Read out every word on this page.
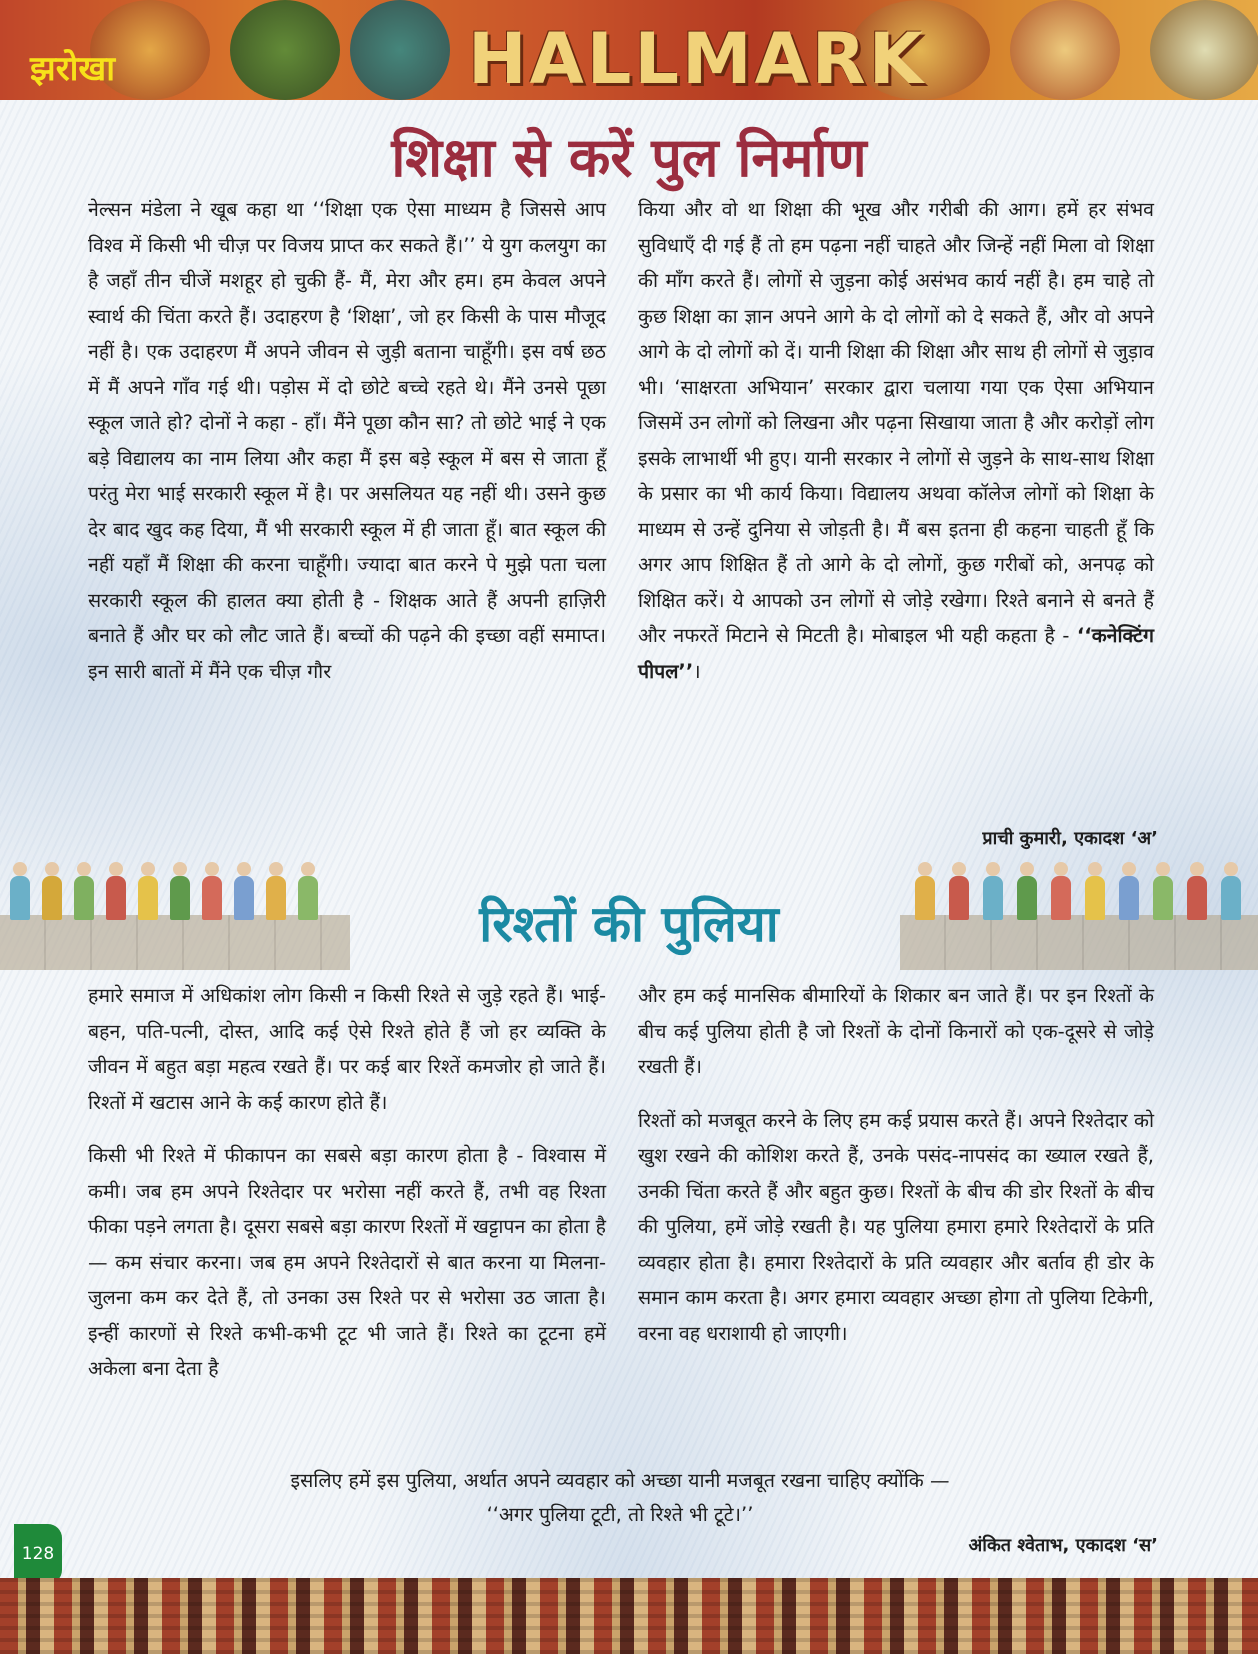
झरोखा	HALLMARK
शिक्षा से करें पुल निर्माण

नेल्सन मंडेला ने खूब कहा था ‘‘शिक्षा एक ऐसा माध्यम है जिससे आप विश्व में किसी भी चीज़ पर विजय प्राप्त कर सकते हैं।’’ ये युग कलयुग का है जहाँ तीन चीजें मशहूर हो चुकी हैं- मैं, मेरा और हम। हम केवल अपने स्वार्थ की चिंता करते हैं। उदाहरण है ‘शिक्षा’, जो हर किसी के पास मौजूद नहीं है। एक उदाहरण मैं अपने जीवन से जुड़ी बताना चाहूँगी। इस वर्ष छठ में मैं अपने गाँव गई थी। पड़ोस में दो छोटे बच्चे रहते थे। मैंने उनसे पूछा स्कूल जाते हो? दोनों ने कहा - हाँ। मैंने पूछा कौन सा? तो छोटे भाई ने एक बड़े विद्यालय का नाम लिया और कहा मैं इस बड़े स्कूल में बस से जाता हूँ परंतु मेरा भाई सरकारी स्कूल में है। पर असलियत यह नहीं थी। उसने कुछ देर बाद खुद कह दिया, मैं भी सरकारी स्कूल में ही जाता हूँ। बात स्कूल की नहीं यहाँ मैं शिक्षा की करना चाहूँगी। ज्यादा बात करने पे मुझे पता चला सरकारी स्कूल की हालत क्या होती है - शिक्षक आते हैं अपनी हाज़िरी बनाते हैं और घर को लौट जाते हैं। बच्चों की पढ़ने की इच्छा वहीं समाप्त। इन सारी बातों में मैंने एक चीज़ गौर

किया और वो था शिक्षा की भूख और गरीबी की आग। हमें हर संभव सुविधाएँ दी गई हैं तो हम पढ़ना नहीं चाहते और जिन्हें नहीं मिला वो शिक्षा की माँग करते हैं। लोगों से जुड़ना कोई असंभव कार्य नहीं है। हम चाहे तो कुछ शिक्षा का ज्ञान अपने आगे के दो लोगों को दे सकते हैं, और वो अपने आगे के दो लोगों को दें। यानी शिक्षा की शिक्षा और साथ ही लोगों से जुड़ाव भी। ‘साक्षरता अभियान’ सरकार द्वारा चलाया गया एक ऐसा अभियान जिसमें उन लोगों को लिखना और पढ़ना सिखाया जाता है और करोड़ों लोग इसके लाभार्थी भी हुए। यानी सरकार ने लोगों से जुड़ने के साथ-साथ शिक्षा के प्रसार का भी कार्य किया। विद्यालय अथवा कॉलेज लोगों को शिक्षा के माध्यम से उन्हें दुनिया से जोड़ती है। मैं बस इतना ही कहना चाहती हूँ कि अगर आप शिक्षित हैं तो आगे के दो लोगों, कुछ गरीबों को, अनपढ़ को शिक्षित करें। ये आपको उन लोगों से जोड़े रखेगा। रिश्ते बनाने से बनते हैं और नफरतें मिटाने से मिटती है। मोबाइल भी यही कहता है - ‘‘कनेक्टिंग पीपल’’।

प्राची कुमारी, एकादश ‘अ’

रिश्तों की पुलिया

हमारे समाज में अधिकांश लोग किसी न किसी रिश्ते से जुड़े रहते हैं। भाई-बहन, पति-पत्नी, दोस्त, आदि कई ऐसे रिश्ते होते हैं जो हर व्यक्ति के जीवन में बहुत बड़ा महत्व रखते हैं। पर कई बार रिश्तें कमजोर हो जाते हैं। रिश्तों में खटास आने के कई कारण होते हैं।

किसी भी रिश्ते में फीकापन का सबसे बड़ा कारण होता है - विश्वास में कमी। जब हम अपने रिश्तेदार पर भरोसा नहीं करते हैं, तभी वह रिश्ता फीका पड़ने लगता है। दूसरा सबसे बड़ा कारण रिश्तों में खट्टापन का होता है— कम संचार करना। जब हम अपने रिश्तेदारों से बात करना या मिलना-जुलना कम कर देते हैं, तो उनका उस रिश्ते पर से भरोसा उठ जाता है। इन्हीं कारणों से रिश्ते कभी-कभी टूट भी जाते हैं। रिश्ते का टूटना हमें अकेला बना देता है

और हम कई मानसिक बीमारियों के शिकार बन जाते हैं। पर इन रिश्तों के बीच कई पुलिया होती है जो रिश्तों के दोनों किनारों को एक-दूसरे से जोड़े रखती हैं।

रिश्तों को मजबूत करने के लिए हम कई प्रयास करते हैं। अपने रिश्तेदार को खुश रखने की कोशिश करते हैं, उनके पसंद-नापसंद का ख्याल रखते हैं, उनकी चिंता करते हैं और बहुत कुछ। रिश्तों के बीच की डोर रिश्तों के बीच की पुलिया, हमें जोड़े रखती है। यह पुलिया हमारा हमारे रिश्तेदारों के प्रति व्यवहार होता है। हमारा रिश्तेदारों के प्रति व्यवहार और बर्ताव ही डोर के समान काम करता है। अगर हमारा व्यवहार अच्छा होगा तो पुलिया टिकेगी, वरना वह धराशायी हो जाएगी।

इसलिए हमें इस पुलिया, अर्थात अपने व्यवहार को अच्छा यानी मजबूत रखना चाहिए क्योंकि —

‘‘अगर पुलिया टूटी, तो रिश्ते भी टूटे।’’

अंकित श्वेताभ, एकादश ‘स’

128
